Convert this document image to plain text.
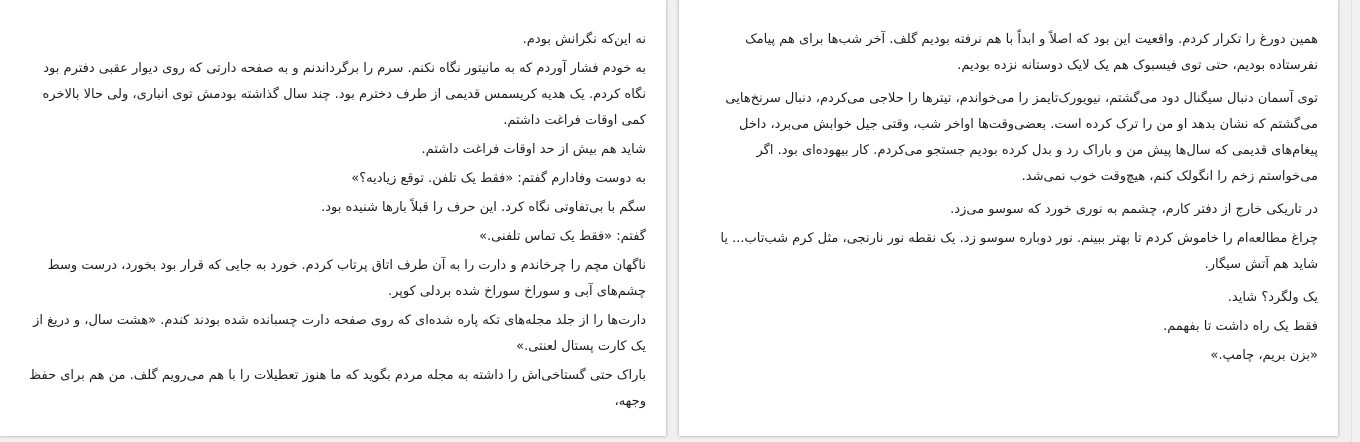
نه این‌که نگرانش بودم.

به خودم فشار آوردم که به مانیتور نگاه نکنم. سرم را برگرداندنم و به صفحه دارتی که روی دیوار عقبی دفترم بود نگاه کردم. یک هدیه کریسمس قدیمی از طرف دخترم بود. چند سال گذاشته بودمش توی انباری، ولی حالا بالاخره کمی اوقات فراغت داشتم.

شاید هم بیش از حد اوقات فراغت داشتم.

به دوست وفادارم گفتم: «فقط یک تلفن. توقع زیادیه؟»

سگم با بی‌تفاوتی نگاه کرد. این حرف را قبلاً بارها شنیده بود.

گفتم: «فقط یک تماس تلفنی.»

ناگهان مچم را چرخاندم و دارت را به آن طرف اتاق پرتاب کردم. خورد به جایی که قرار بود بخورد، درست وسط چشم‌های آبی و سوراخ سوراخ شده بردلی کوپر.

دارت‌ها را از جلد مجله‌های تکه پاره شده‌ای که روی صفحه دارت چسبانده شده بودند کندم. «هشت سال، و دریغ از یک کارت پستال لعنتی.»

باراک حتی گستاخی‌اش را داشته به مجله مردم بگوید که ما هنوز تعطیلات را با هم می‌رویم گلف. من هم برای حفظ وجهه،

همین دورغ را تکرار کردم. واقعیت این بود که اصلاً و ابداً با هم نرفته بودیم گلف. آخر شب‌ها برای هم پیامک نفرستاده بودیم، حتی توی فیسبوک هم یک لایک دوستانه نزده بودیم.

توی آسمان دنبال سیگنال دود می‌گشتم، نیویورک‌تایمز را می‌خواندم، تیترها را حلاجی می‌کردم، دنبال سرنخ‌هایی می‌گشتم که نشان بدهد او من را ترک کرده است. بعضی‌وقت‌ها اواخر شب، وقتی جیل خوابش می‌برد، داخل پیغام‌های قدیمی که سال‌ها پیش من و باراک رد و بدل کرده بودیم جستجو می‌کردم. کار بیهوده‌ای بود. اگر می‌خواستم زخم را انگولک کنم، هیچ‌وقت خوب نمی‌شد.

در تاریکی خارج از دفتر کارم، چشمم به نوری خورد که سوسو می‌زد.

چراغ مطالعه‌ام را خاموش کردم تا بهتر ببینم. نور دوباره سوسو زد. یک نقطه نور نارنجی، مثل کرم شب‌تاب... یا شاید هم آتش سیگار.

یک ولگرد؟ شاید.

فقط یک راه داشت تا بفهمم.

«بزن بریم، چامپ.»
